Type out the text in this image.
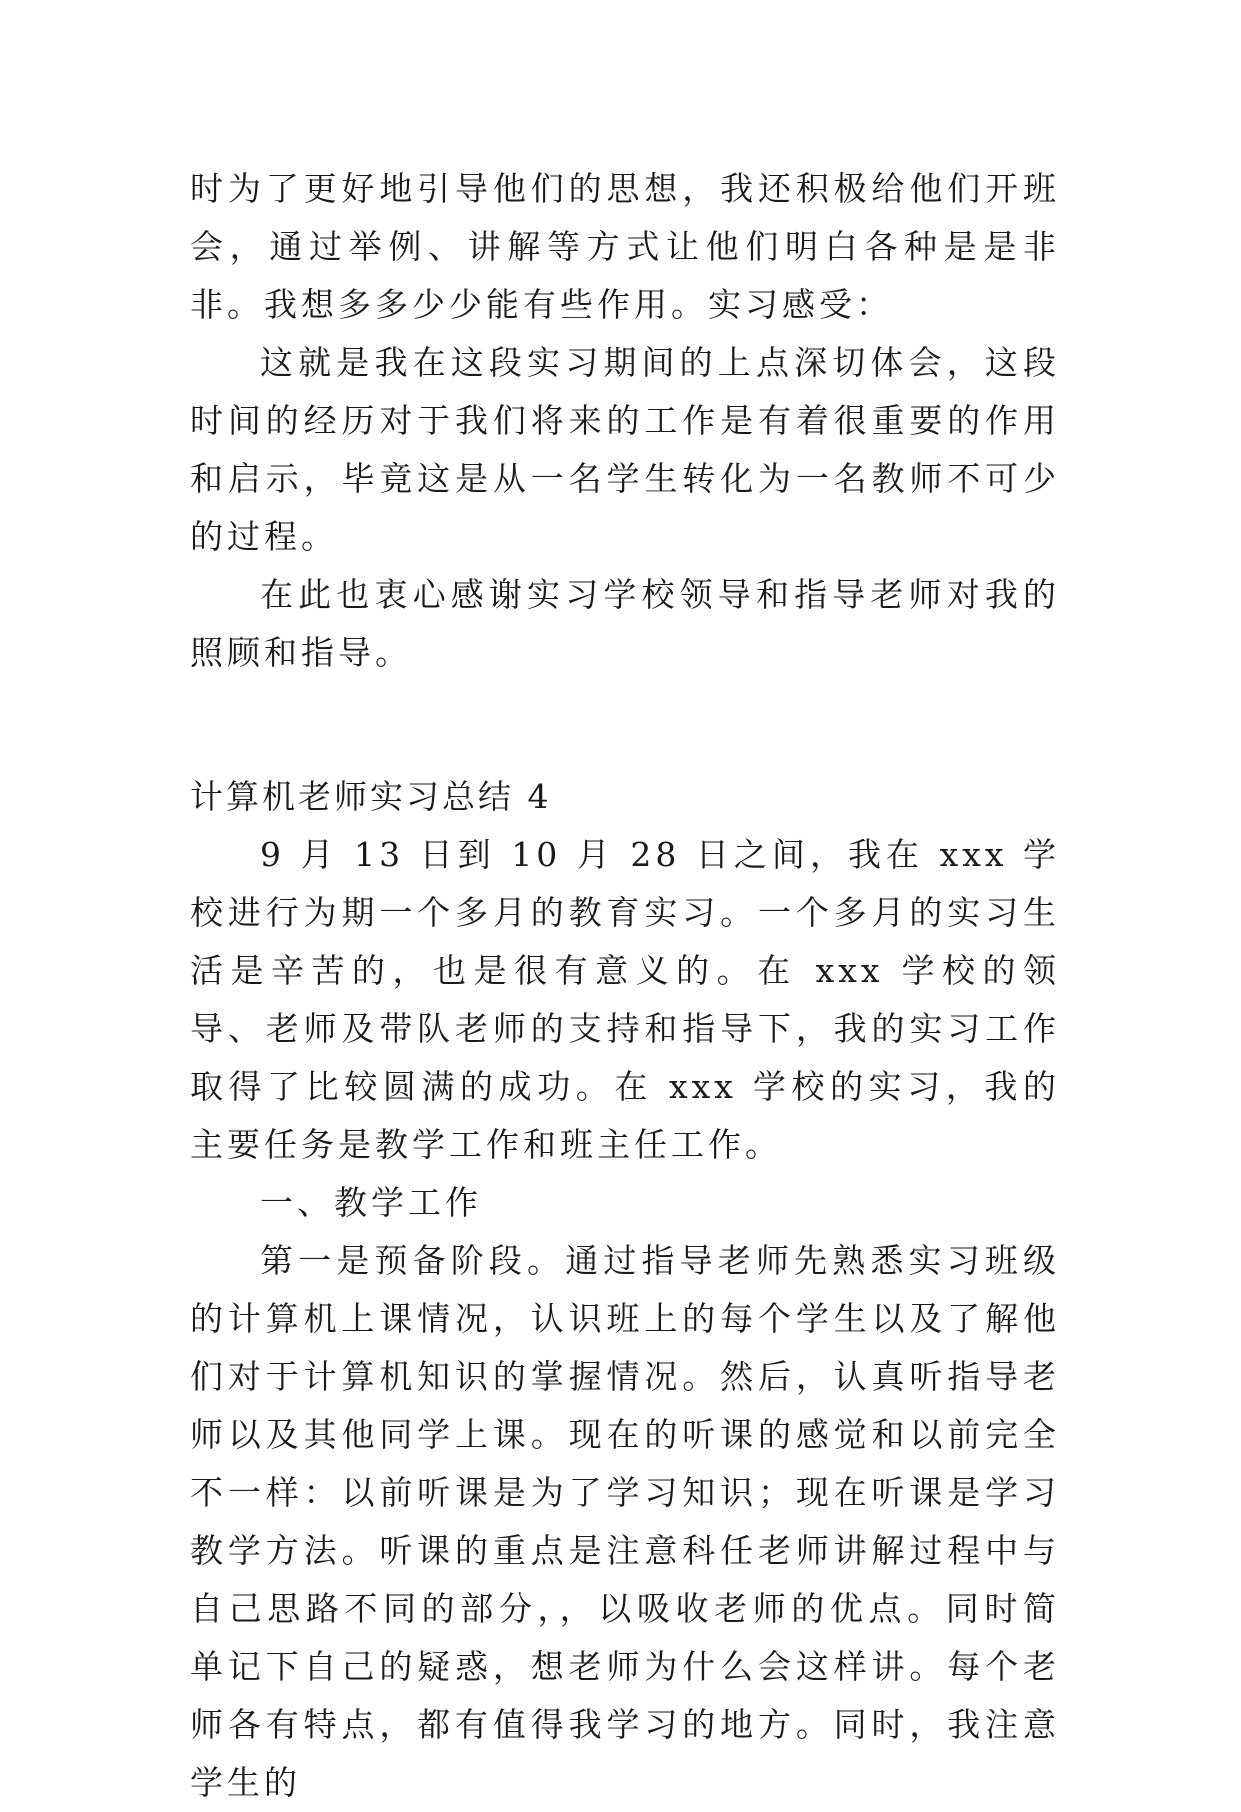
时为了更好地引导他们的思想，我还积极给他们开班会，通过举例、讲解等方式让他们明白各种是是非非。我想多多少少能有些作用。实习感受：

这就是我在这段实习期间的上点深切体会，这段时间的经历对于我们将来的工作是有着很重要的作用和启示，毕竟这是从一名学生转化为一名教师不可少的过程。

在此也衷心感谢实习学校领导和指导老师对我的照顾和指导。

计算机老师实习总结 4

9 月 13 日到 10 月 28 日之间，我在 xxx 学校进行为期一个多月的教育实习。一个多月的实习生活是辛苦的，也是很有意义的。在 xxx 学校的领导、老师及带队老师的支持和指导下，我的实习工作取得了比较圆满的成功。在 xxx 学校的实习，我的主要任务是教学工作和班主任工作。

一、教学工作

第一是预备阶段。通过指导老师先熟悉实习班级的计算机上课情况，认识班上的每个学生以及了解他们对于计算机知识的掌握情况。然后，认真听指导老师以及其他同学上课。现在的听课的感觉和以前完全不一样：以前听课是为了学习知识；现在听课是学习教学方法。听课的重点是注意科任老师讲解过程中与自己思路不同的部分，，以吸收老师的优点。同时简单记下自己的疑惑，想老师为什么会这样讲。每个老师各有特点，都有值得我学习的地方。同时，我注意学生的
